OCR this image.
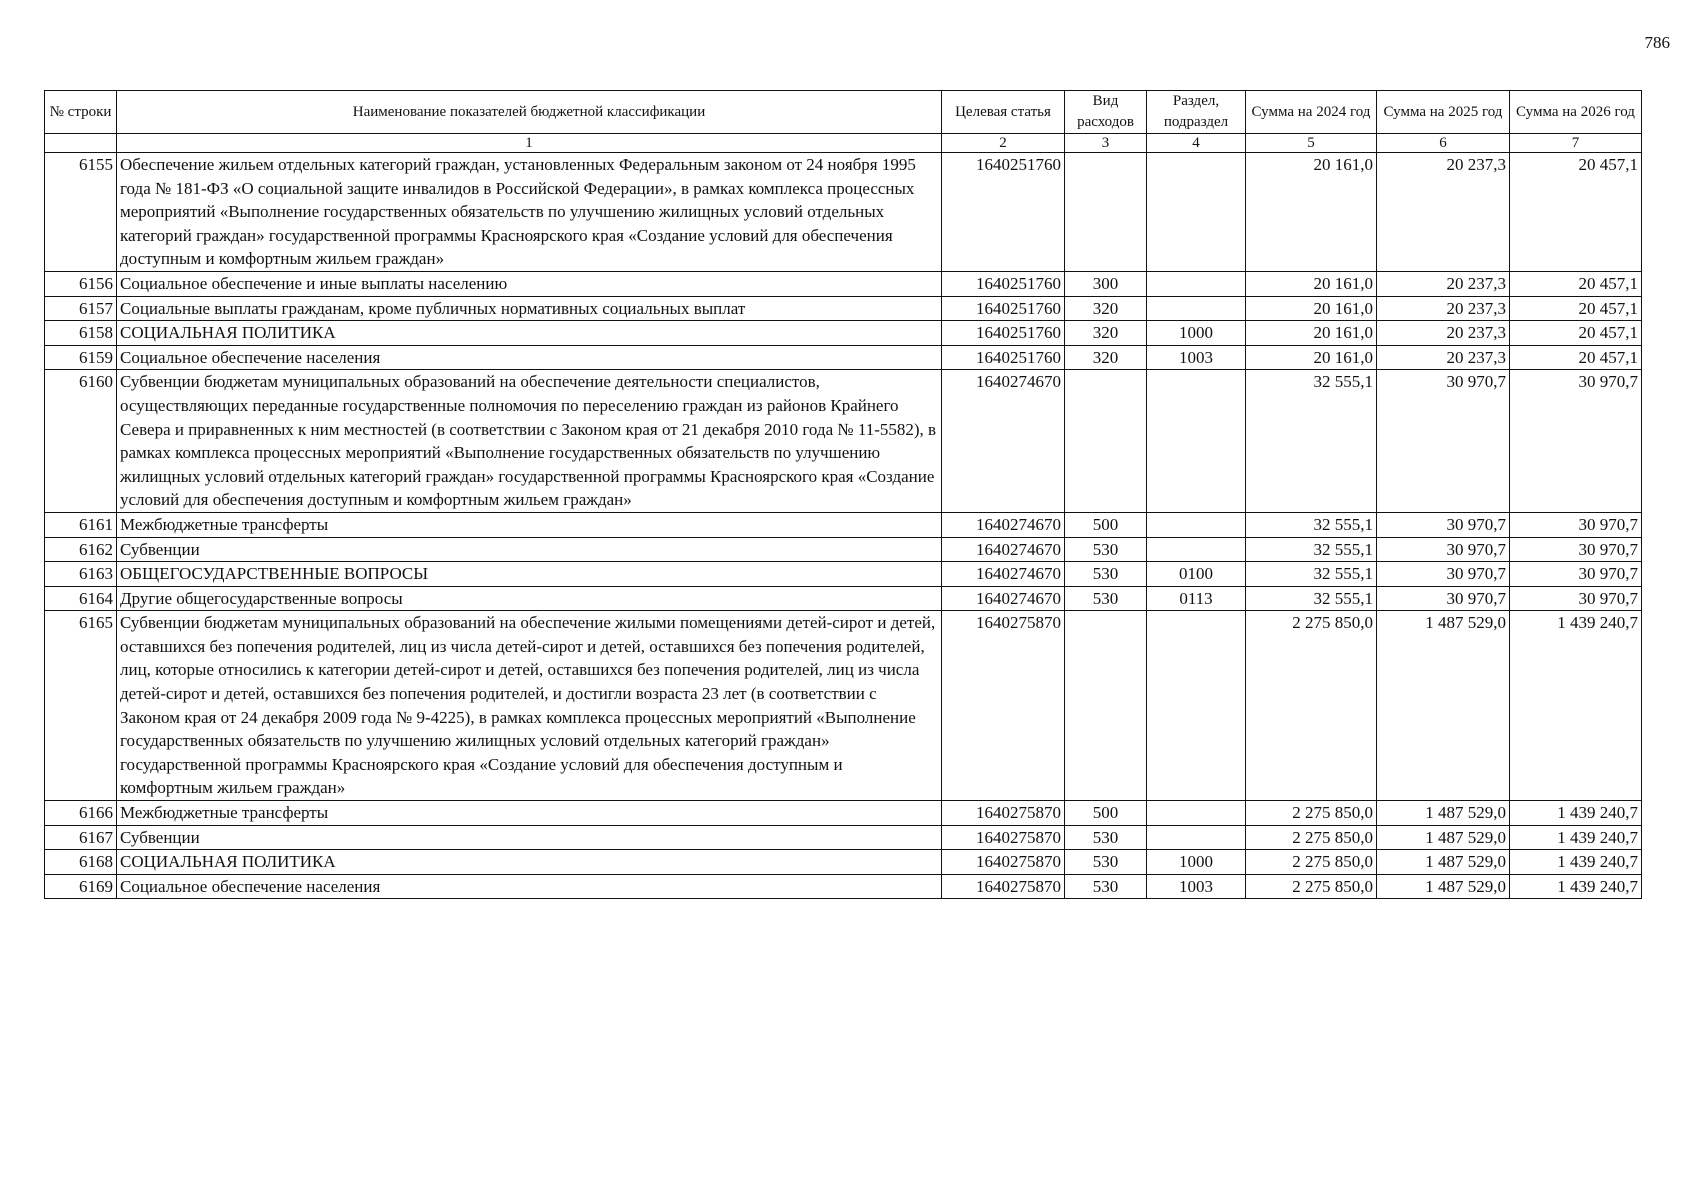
786
№ строки	Наименование показателей бюджетной классификации	Целевая статья	Вид расходов	Раздел, подраздел	Сумма на 2024 год	Сумма на 2025 год	Сумма на 2026 год
	1	2	3	4	5	6	7
6155	Обеспечение жильем отдельных категорий граждан, установленных Федеральным законом от 24 ноября 1995 года № 181-ФЗ «О социальной защите инвалидов в Российской Федерации», в рамках комплекса процессных мероприятий «Выполнение государственных обязательств по улучшению жилищных условий отдельных категорий граждан» государственной программы Красноярского края «Создание условий для обеспечения доступным и комфортным жильем граждан»	1640251760			20 161,0	20 237,3	20 457,1
6156	Социальное обеспечение и иные выплаты населению	1640251760	300		20 161,0	20 237,3	20 457,1
6157	Социальные выплаты гражданам, кроме публичных нормативных социальных выплат	1640251760	320		20 161,0	20 237,3	20 457,1
6158	СОЦИАЛЬНАЯ ПОЛИТИКА	1640251760	320	1000	20 161,0	20 237,3	20 457,1
6159	Социальное обеспечение населения	1640251760	320	1003	20 161,0	20 237,3	20 457,1
6160	Субвенции бюджетам муниципальных образований на обеспечение деятельности специалистов, осуществляющих переданные государственные полномочия по переселению граждан из районов Крайнего Севера и приравненных к ним местностей (в соответствии с Законом края от 21 декабря 2010 года № 11-5582), в рамках комплекса процессных мероприятий «Выполнение государственных обязательств по улучшению жилищных условий отдельных категорий граждан» государственной программы Красноярского края «Создание условий для обеспечения доступным и комфортным жильем граждан»	1640274670			32 555,1	30 970,7	30 970,7
6161	Межбюджетные трансферты	1640274670	500		32 555,1	30 970,7	30 970,7
6162	Субвенции	1640274670	530		32 555,1	30 970,7	30 970,7
6163	ОБЩЕГОСУДАРСТВЕННЫЕ ВОПРОСЫ	1640274670	530	0100	32 555,1	30 970,7	30 970,7
6164	Другие общегосударственные вопросы	1640274670	530	0113	32 555,1	30 970,7	30 970,7
6165	Субвенции бюджетам муниципальных образований на обеспечение жилыми помещениями детей-сирот и детей, оставшихся без попечения родителей, лиц из числа детей-сирот и детей, оставшихся без попечения родителей, лиц, которые относились к категории детей-сирот и детей, оставшихся без попечения родителей, лиц из числа детей-сирот и детей, оставшихся без попечения родителей, и достигли возраста 23 лет (в соответствии с Законом края от 24 декабря 2009 года № 9-4225), в рамках комплекса процессных мероприятий «Выполнение государственных обязательств по улучшению жилищных условий отдельных категорий граждан» государственной программы Красноярского края «Создание условий для обеспечения доступным и комфортным жильем граждан»	1640275870			2 275 850,0	1 487 529,0	1 439 240,7
6166	Межбюджетные трансферты	1640275870	500		2 275 850,0	1 487 529,0	1 439 240,7
6167	Субвенции	1640275870	530		2 275 850,0	1 487 529,0	1 439 240,7
6168	СОЦИАЛЬНАЯ ПОЛИТИКА	1640275870	530	1000	2 275 850,0	1 487 529,0	1 439 240,7
6169	Социальное обеспечение населения	1640275870	530	1003	2 275 850,0	1 487 529,0	1 439 240,7
